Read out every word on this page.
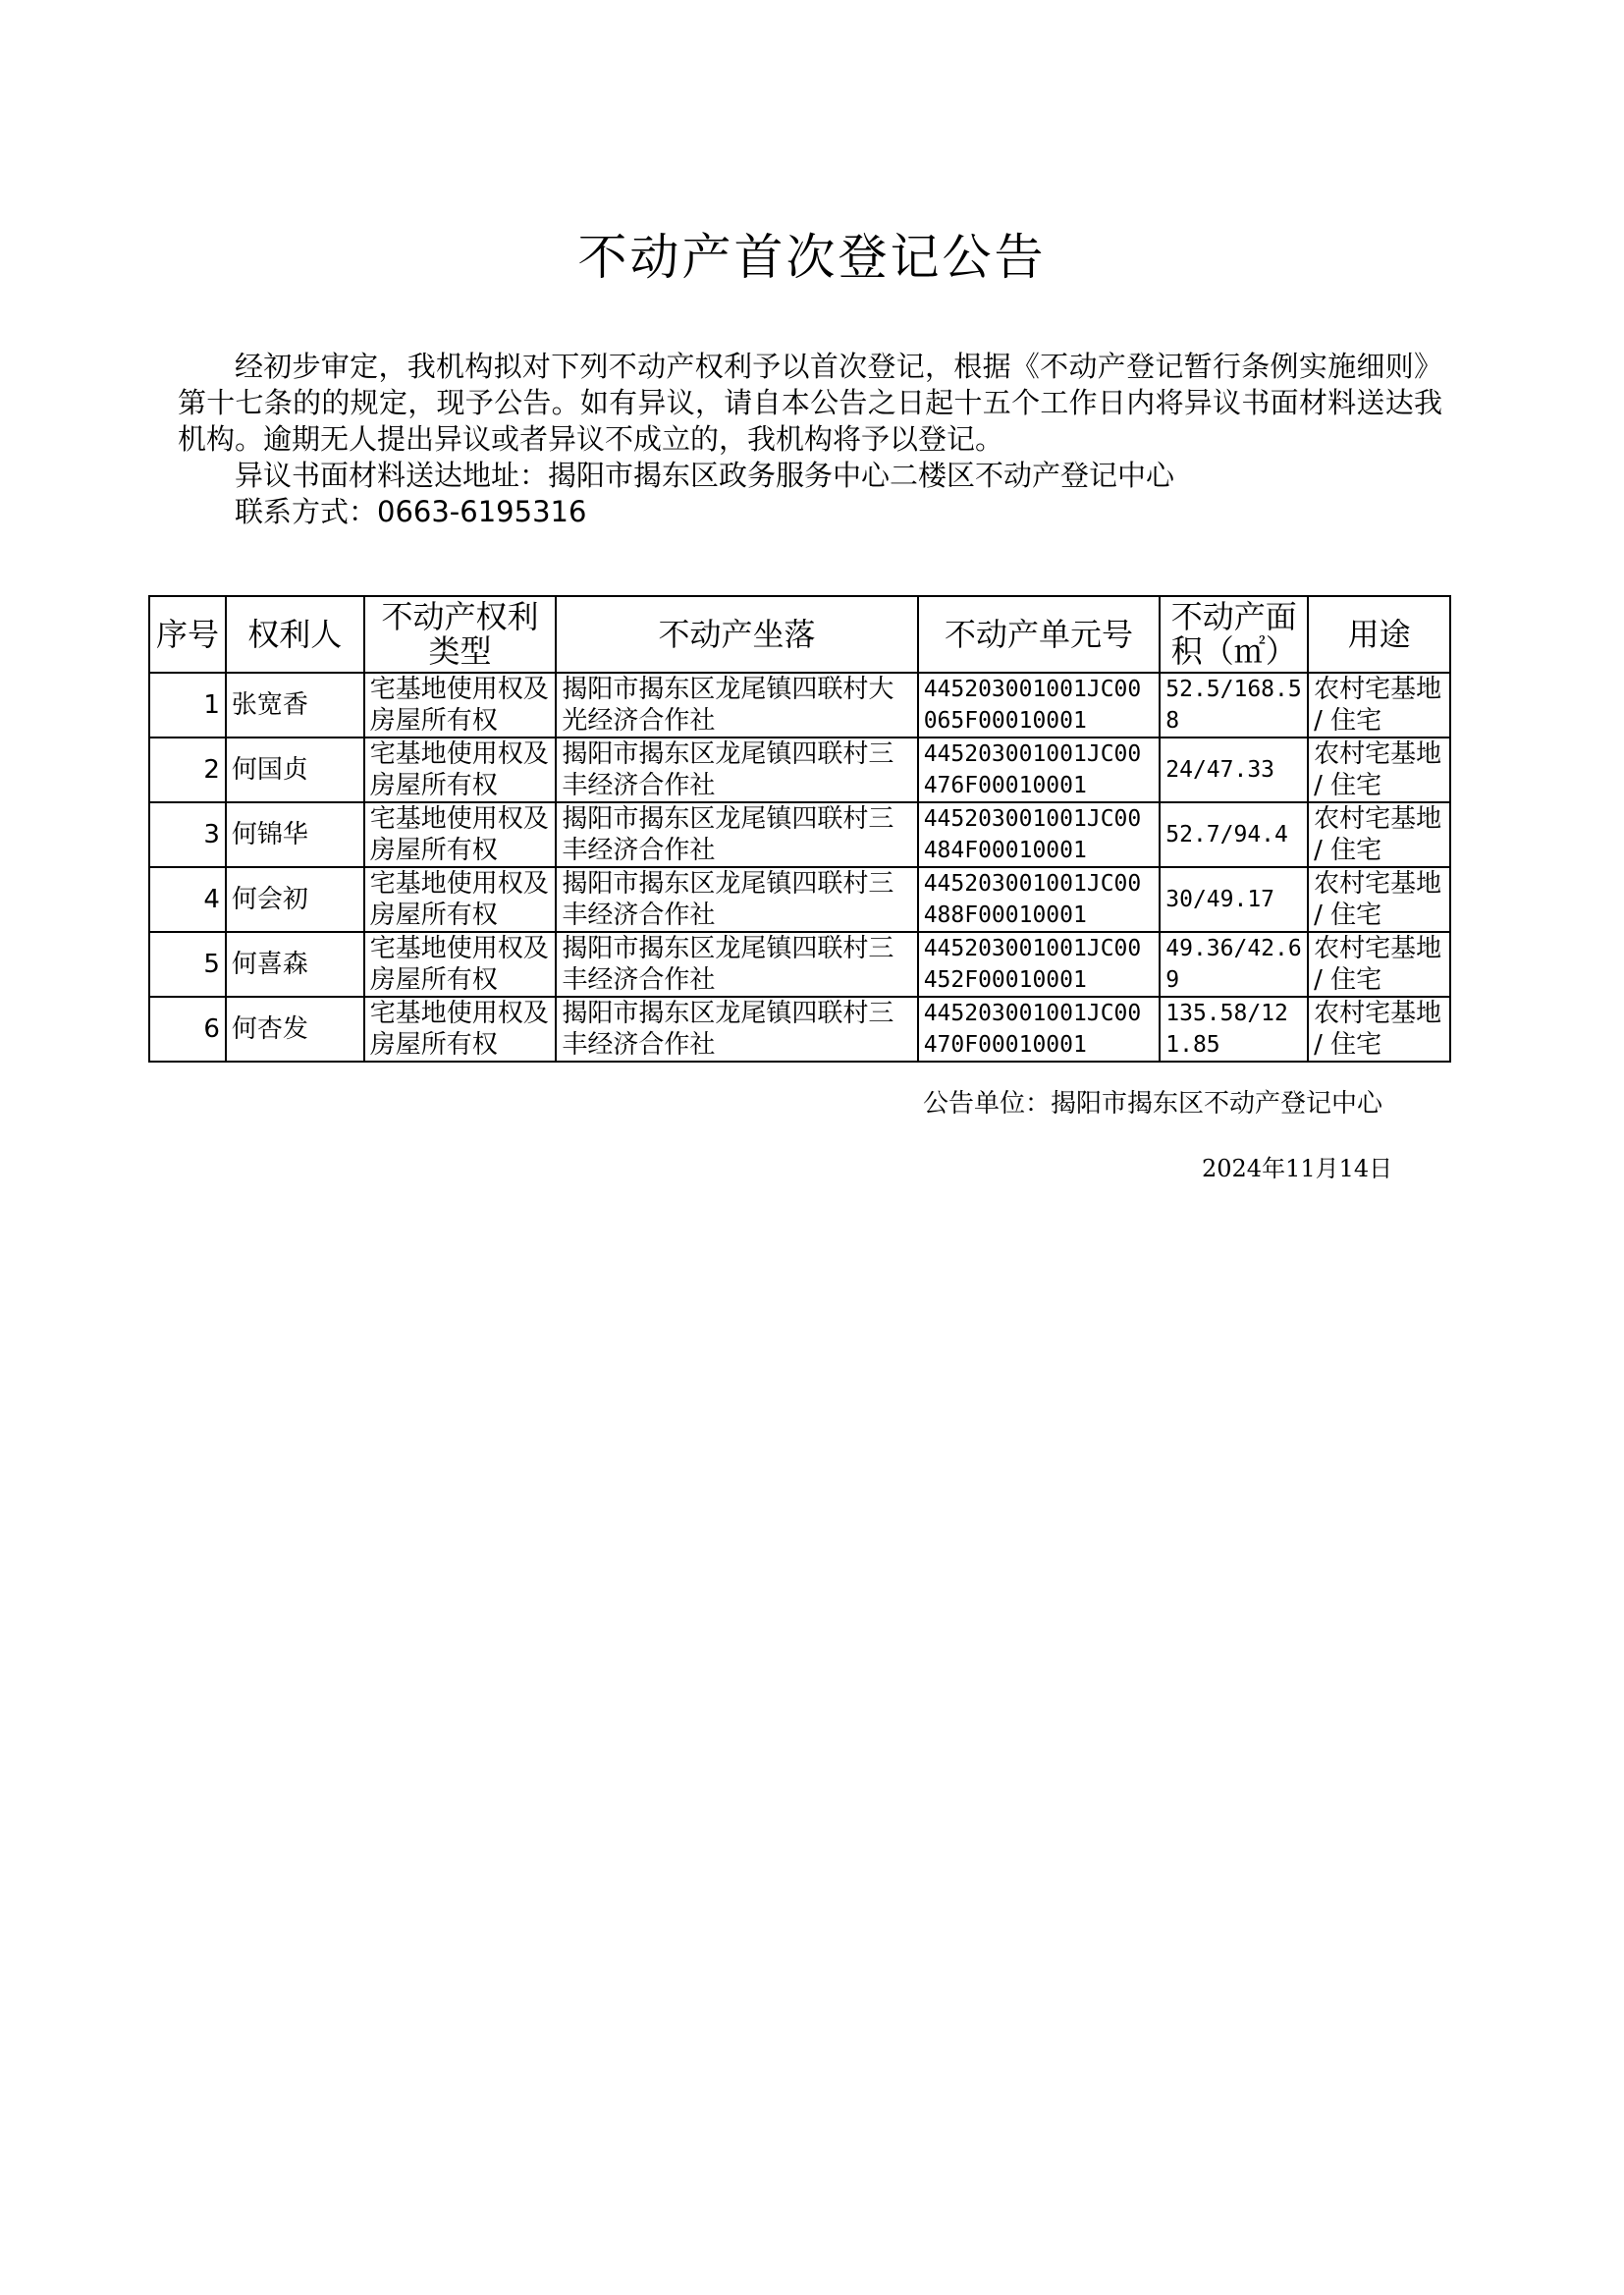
不动产首次登记公告

经初步审定，我机构拟对下列不动产权利予以首次登记，根据《不动产登记暂行条例实施细则》第十七条的的规定，现予公告。如有异议，请自本公告之日起十五个工作日内将异议书面材料送达我机构。逾期无人提出异议或者异议不成立的，我机构将予以登记。

异议书面材料送达地址：揭阳市揭东区政务服务中心二楼区不动产登记中心

联系方式：0663-6195316

序号	权利人	不动产权利类型	不动产坐落	不动产单元号	不动产面积（㎡）	用途
1	张宽香	宅基地使用权及房屋所有权	揭阳市揭东区龙尾镇四联村大光经济合作社	445203001001JC00065F00010001	52.5/168.58	农村宅基地 / 住宅
2	何国贞	宅基地使用权及房屋所有权	揭阳市揭东区龙尾镇四联村三丰经济合作社	445203001001JC00476F00010001	24/47.33	农村宅基地 / 住宅
3	何锦华	宅基地使用权及房屋所有权	揭阳市揭东区龙尾镇四联村三丰经济合作社	445203001001JC00484F00010001	52.7/94.4	农村宅基地 / 住宅
4	何会初	宅基地使用权及房屋所有权	揭阳市揭东区龙尾镇四联村三丰经济合作社	445203001001JC00488F00010001	30/49.17	农村宅基地 / 住宅
5	何喜森	宅基地使用权及房屋所有权	揭阳市揭东区龙尾镇四联村三丰经济合作社	445203001001JC00452F00010001	49.36/42.69	农村宅基地 / 住宅
6	何杏发	宅基地使用权及房屋所有权	揭阳市揭东区龙尾镇四联村三丰经济合作社	445203001001JC00470F00010001	135.58/121.85	农村宅基地 / 住宅
公告单位：揭阳市揭东区不动产登记中心
2024年11月14日
